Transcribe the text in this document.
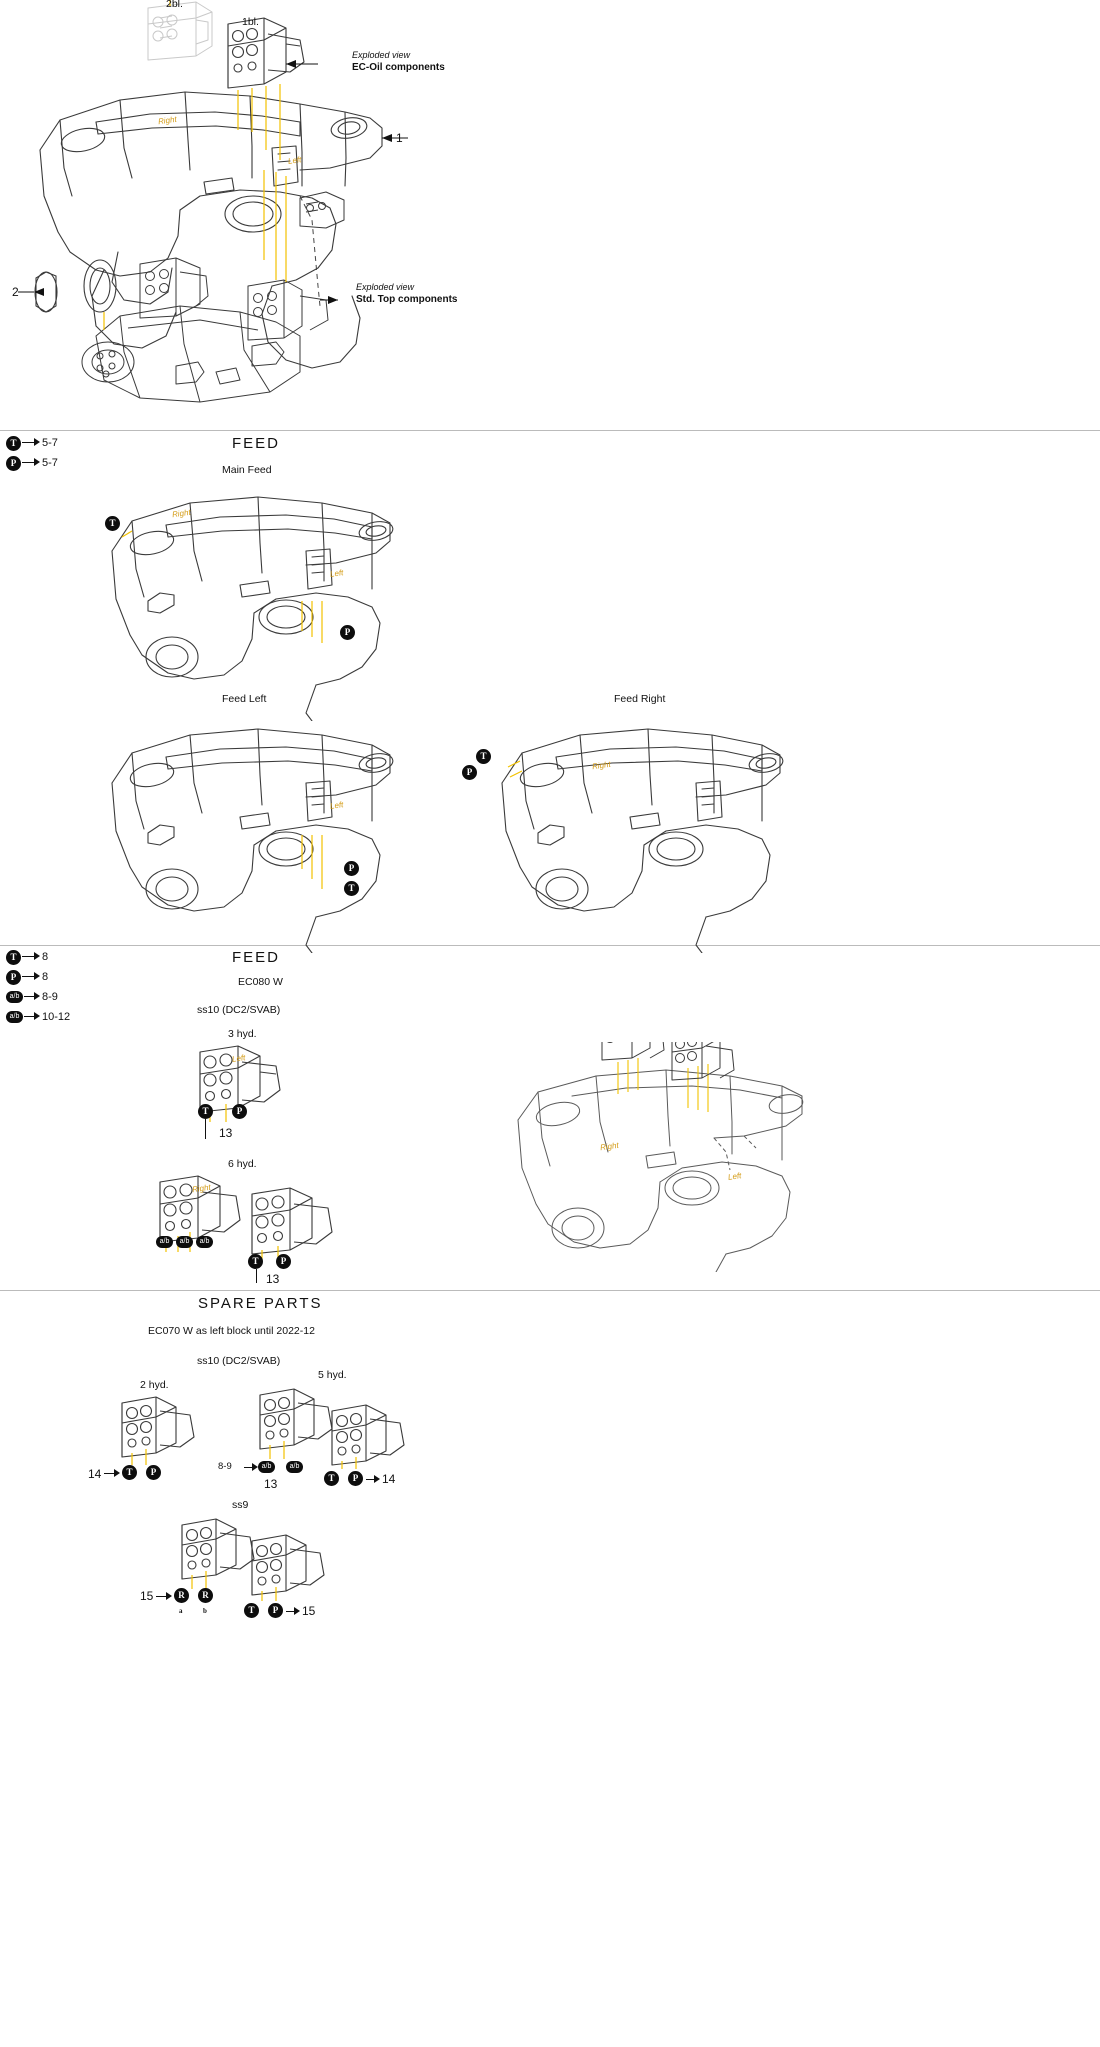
2bl.
1bl.
Exploded view
EC-Oil components
Exploded view
Std. Top components
1
2
Right
Left
T	5-7
P	5-7
FEED
Main Feed
T
P
Right
Left
Feed Left
P
T
Left
Feed Right
T
P
Right
T	8
P	8
a/b	8-9
a/b	10-12
FEED
EC080 W
ss10 (DC2/SVAB)
3 hyd.
T	P
13
Left
6 hyd.
a/b	a/b	a/b
Right
T	P
13
Right
Left
SPARE PARTS
EC070 W as left block until 2022-12
ss10 (DC2/SVAB)
2 hyd.
5 hyd.
14	T	P	8-9	a/b	a/b
13	T	P	14
ss9
15	R	R
a	b	T	P	15
